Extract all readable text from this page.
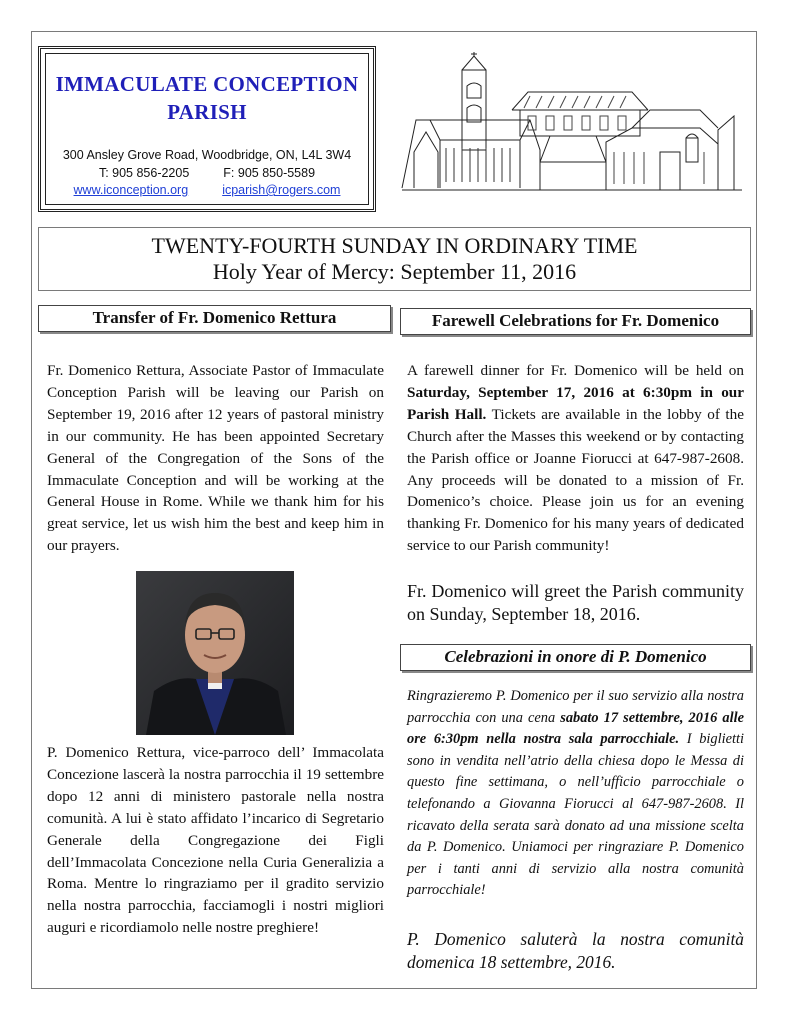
IMMACULATE CONCEPTION
PARISH
300 Ansley Grove Road, Woodbridge, ON, L4L 3W4
T: 905 856-2205	F: 905 850-5589
www.iconception.org	icparish@rogers.com
TWENTY-FOURTH SUNDAY IN ORDINARY TIME
Holy Year of Mercy: September 11, 2016
Transfer of Fr. Domenico Rettura
Fr. Domenico Rettura, Associate Pastor of Immaculate Conception Parish will be leaving our Parish on September 19, 2016 after 12 years of pastoral ministry in our community. He has been appointed Secretary General of the Congregation of the Sons of the Immaculate Conception and will be working at the General House in Rome. While we thank him for his great service, let us wish him the best and keep him in our prayers.
P. Domenico Rettura, vice-parroco dell’ Immacolata Concezione lascerà la nostra parrocchia il 19 settembre dopo 12 anni di ministero pastorale nella nostra comunità. A lui è stato affidato l’incarico di Segretario Generale della Congregazione dei Figli dell’Immacolata Concezione nella Curia Generalizia a Roma. Mentre lo ringraziamo per il gradito servizio nella nostra parrocchia, facciamogli i nostri migliori auguri e ricordiamolo nelle nostre preghiere!
Farewell Celebrations for Fr. Domenico
A farewell dinner for Fr. Domenico will be held on Saturday, September 17, 2016 at 6:30pm in our Parish Hall. Tickets are available in the lobby of the Church after the Masses this weekend or by contacting the Parish office or Joanne Fiorucci at 647-987-2608. Any proceeds will be donated to a mission of Fr. Domenico’s choice. Please join us for an evening thanking Fr. Domenico for his many years of dedicated service to our Parish community!
Fr. Domenico will greet the Parish community on Sunday, September 18, 2016.
Celebrazioni in onore di P. Domenico
Ringrazieremo P. Domenico per il suo servizio alla nostra parrocchia con una cena sabato 17 settembre, 2016 alle ore 6:30pm nella nostra sala parrocchiale. I biglietti sono in vendita nell’atrio della chiesa dopo le Messa di questo fine settimana, o nell’ufficio parrocchiale o telefonando a Giovanna Fiorucci al 647-987-2608. Il ricavato della serata sarà donato ad una missione scelta da P. Domenico. Uniamoci per ringraziare P. Domenico per i tanti anni di servizio alla nostra comunità parrocchiale!
P. Domenico saluterà la nostra comunità domenica 18 settembre, 2016.
